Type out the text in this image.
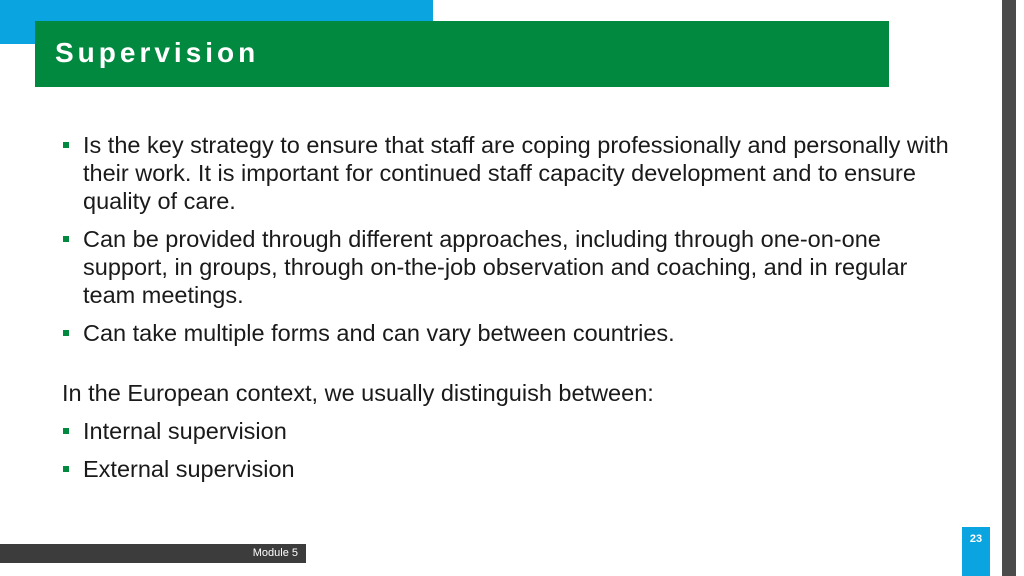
Supervision
Is the key strategy to ensure that staff are coping professionally and personally with their work. It is important for continued staff capacity development and to ensure quality of care.
Can be provided through different approaches, including through one-on-one support, in groups, through on-the-job observation and coaching, and in regular team meetings.
Can take multiple forms and can vary between countries.

In the European context, we usually distinguish between:

Internal supervision
External supervision
Module 5
23
